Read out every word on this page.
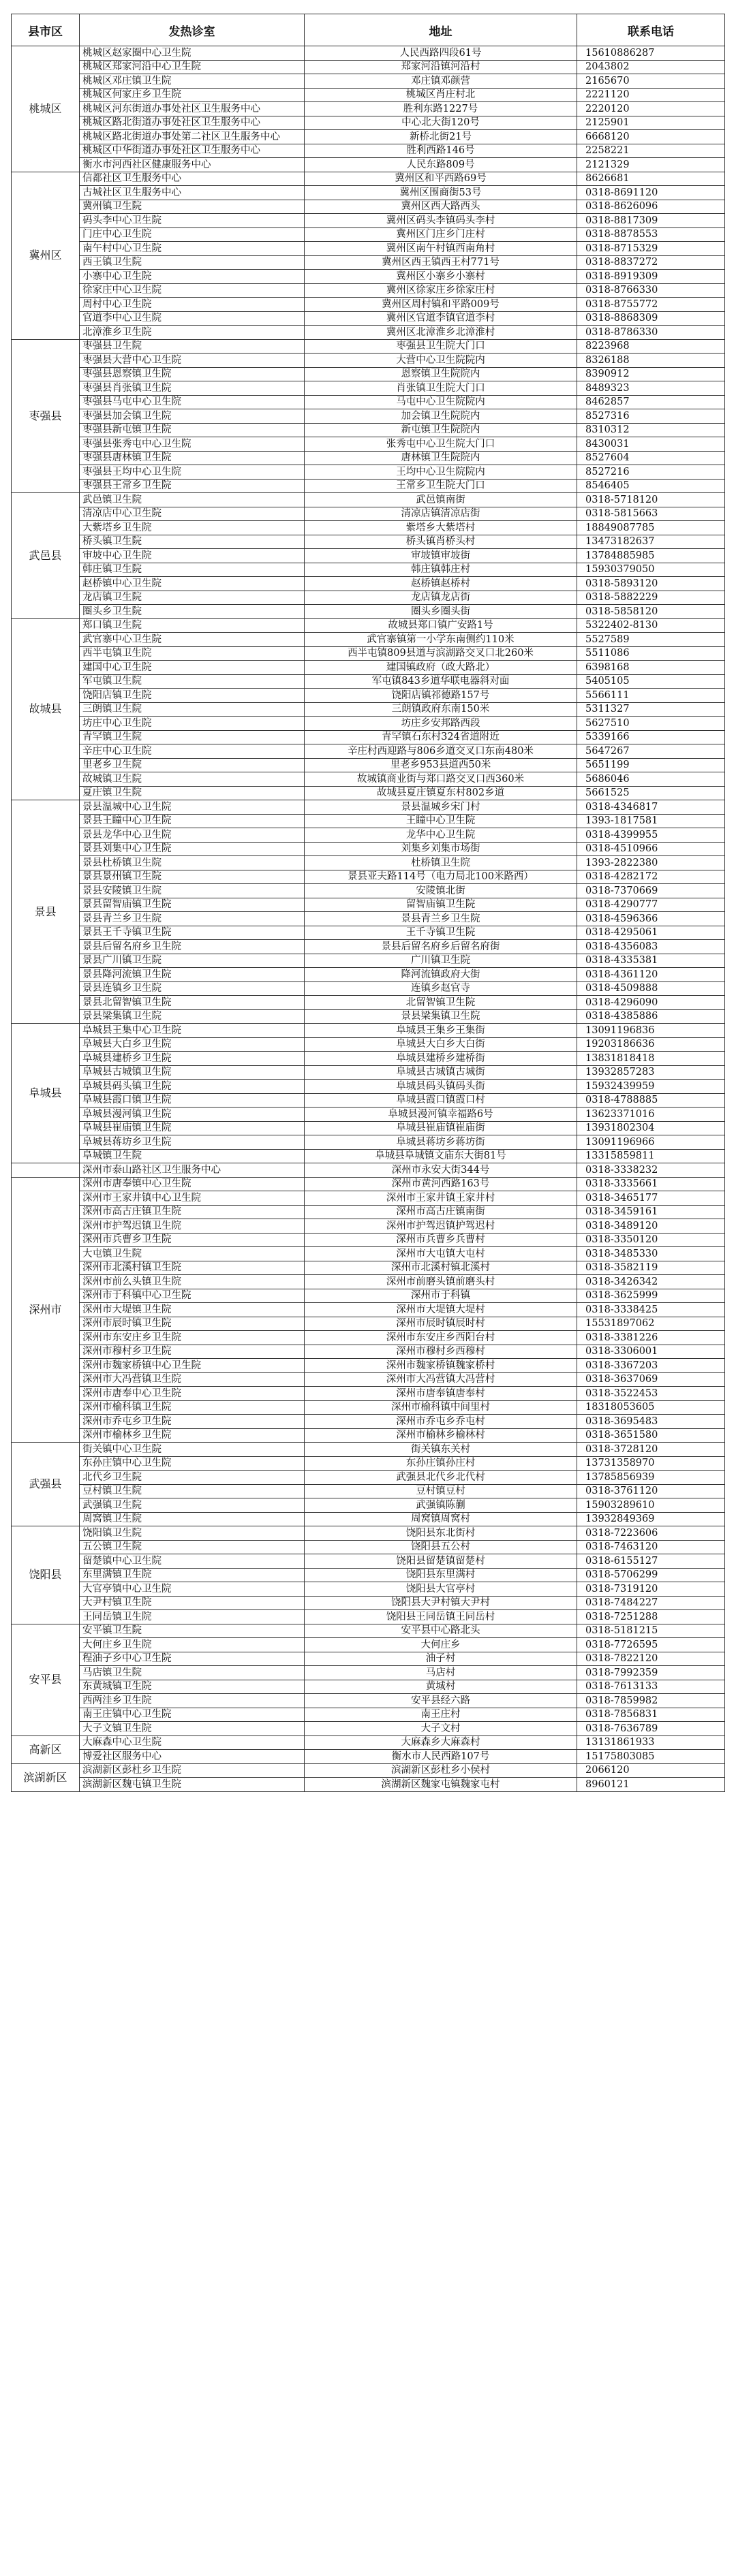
县市区	发热诊室	地址	联系电话
桃城区	桃城区赵家圈中心卫生院	人民西路四段61号	15610886287
	桃城区郑家河沿中心卫生院	郑家河沿镇河沿村	2043802
	桃城区邓庄镇卫生院	邓庄镇邓颜营	2165670
	桃城区何家庄乡卫生院	桃城区肖庄村北	2221120
	桃城区河东街道办事处社区卫生服务中心	胜利东路1227号	2220120
	桃城区路北街道办事处社区卫生服务中心	中心北大街120号	2125901
	桃城区路北街道办事处第二社区卫生服务中心	新桥北街21号	6668120
	桃城区中华街道办事处社区卫生服务中心	胜利西路146号	2258221
	衡水市河西社区健康服务中心	人民东路809号	2121329
冀州区	信都社区卫生服务中心	冀州区和平西路69号	8626681
	古城社区卫生服务中心	冀州区围商街53号	0318-8691120
	冀州镇卫生院	冀州区西大路西头	0318-8626096
	码头李中心卫生院	冀州区码头李镇码头李村	0318-8817309
	门庄中心卫生院	冀州区门庄乡门庄村	0318-8878553
	南午村中心卫生院	冀州区南午村镇西南角村	0318-8715329
	西王镇卫生院	冀州区西王镇西王村771号	0318-8837272
	小寨中心卫生院	冀州区小寨乡小寨村	0318-8919309
	徐家庄中心卫生院	冀州区徐家庄乡徐家庄村	0318-8766330
	周村中心卫生院	冀州区周村镇和平路009号	0318-8755772
	官道李中心卫生院	冀州区官道李镇官道李村	0318-8868309
	北漳淮乡卫生院	冀州区北漳淮乡北漳淮村	0318-8786330
枣强县	枣强县卫生院	枣强县卫生院大门口	8223968
	枣强县大营中心卫生院	大营中心卫生院院内	8326188
	枣强县恩察镇卫生院	恩察镇卫生院院内	8390912
	枣强县肖张镇卫生院	肖张镇卫生院大门口	8489323
	枣强县马屯中心卫生院	马屯中心卫生院院内	8462857
	枣强县加会镇卫生院	加会镇卫生院院内	8527316
	枣强县新屯镇卫生院	新屯镇卫生院院内	8310312
	枣强县张秀屯中心卫生院	张秀屯中心卫生院大门口	8430031
	枣强县唐林镇卫生院	唐林镇卫生院院内	8527604
	枣强县王均中心卫生院	王均中心卫生院院内	8527216
	枣强县王常乡卫生院	王常乡卫生院大门口	8546405
武邑县	武邑镇卫生院	武邑镇南街	0318-5718120
	清凉店中心卫生院	清凉店镇清凉店街	0318-5815663
	大紫塔乡卫生院	紫塔乡大紫塔村	18849087785
	桥头镇卫生院	桥头镇肖桥头村	13473182637
	审坡中心卫生院	审坡镇审坡街	13784885985
	韩庄镇卫生院	韩庄镇韩庄村	15930379050
	赵桥镇中心卫生院	赵桥镇赵桥村	0318-5893120
	龙店镇卫生院	龙店镇龙店街	0318-5882229
	圈头乡卫生院	圈头乡圈头街	0318-5858120
故城县	郑口镇卫生院	故城县郑口镇广安路1号	5322402-8130
	武官寨中心卫生院	武官寨镇第一小学东南侧约110米	5527589
	西半屯镇卫生院	西半屯镇809县道与滨湖路交叉口北260米	5511086
	建国中心卫生院	建国镇政府（政大路北）	6398168
	军屯镇卫生院	军屯镇843乡道华联电器斜对面	5405105
	饶阳店镇卫生院	饶阳店镇祁德路157号	5566111
	三朗镇卫生院	三朗镇政府东南150米	5311327
	坊庄中心卫生院	坊庄乡安邦路西段	5627510
	青罕镇卫生院	青罕镇石东村324省道附近	5339166
	辛庄中心卫生院	辛庄村西迎路与806乡道交叉口东南480米	5647267
	里老乡卫生院	里老乡953县道西50米	5651199
	故城镇卫生院	故城镇商业街与郑口路交叉口西360米	5686046
	夏庄镇卫生院	故城县夏庄镇夏东村802乡道	5661525
景县	景县温城中心卫生院	景县温城乡宋门村	0318-4346817
	景县王瞳中心卫生院	王瞳中心卫生院	1393-1817581
	景县龙华中心卫生院	龙华中心卫生院	0318-4399955
	景县刘集中心卫生院	刘集乡刘集市场街	0318-4510966
	景县杜桥镇卫生院	杜桥镇卫生院	1393-2822380
	景县景州镇卫生院	景县亚夫路114号（电力局北100米路西）	0318-4282172
	景县安陵镇卫生院	安陵镇北街	0318-7370669
	景县留智庙镇卫生院	留智庙镇卫生院	0318-4290777
	景县青兰乡卫生院	景县青兰乡卫生院	0318-4596366
	景县王千寺镇卫生院	王千寺镇卫生院	0318-4295061
	景县后留名府乡卫生院	景县后留名府乡后留名府街	0318-4356083
	景县广川镇卫生院	广川镇卫生院	0318-4335381
	景县降河流镇卫生院	降河流镇政府大街	0318-4361120
	景县连镇乡卫生院	连镇乡赵官寺	0318-4509888
	景县北留智镇卫生院	北留智镇卫生院	0318-4296090
	景县梁集镇卫生院	景县梁集镇卫生院	0318-4385886
阜城县	阜城县王集中心卫生院	阜城县王集乡王集街	13091196836
	阜城县大白乡卫生院	阜城县大白乡大白街	19203186636
	阜城县建桥乡卫生院	阜城县建桥乡建桥街	13831818418
	阜城县古城镇卫生院	阜城县古城镇古城街	13932857283
	阜城县码头镇卫生院	阜城县码头镇码头街	15932439959
	阜城县霞口镇卫生院	阜城县霞口镇霞口村	0318-4788885
	阜城县漫河镇卫生院	阜城县漫河镇幸福路6号	13623371016
	阜城县崔庙镇卫生院	阜城县崔庙镇崔庙街	13931802304
	阜城县蒋坊乡卫生院	阜城县蒋坊乡蒋坊街	13091196966
	阜城镇卫生院	阜城县阜城镇文庙东大街81号	13315859811
	深州市泰山路社区卫生服务中心	深州市永安大街344号	0318-3338232
深州市	深州市唐奉镇中心卫生院	深州市黄河西路163号	0318-3335661
	深州市王家井镇中心卫生院	深州市王家井镇王家井村	0318-3465177
	深州市高古庄镇卫生院	深州市高古庄镇南街	0318-3459161
	深州市护驾迟镇卫生院	深州市护驾迟镇护驾迟村	0318-3489120
	深州市兵曹乡卫生院	深州市兵曹乡兵曹村	0318-3350120
	大屯镇卫生院	深州市大屯镇大屯村	0318-3485330
	深州市北溪村镇卫生院	深州市北溪村镇北溪村	0318-3582119
	深州市前么头镇卫生院	深州市前磨头镇前磨头村	0318-3426342
	深州市于科镇中心卫生院	深州市于科镇	0318-3625999
	深州市大堤镇卫生院	深州市大堤镇大堤村	0318-3338425
	深州市辰时镇卫生院	深州市辰时镇辰时村	15531897062
	深州市东安庄乡卫生院	深州市东安庄乡西阳台村	0318-3381226
	深州市穆村乡卫生院	深州市穆村乡西穆村	0318-3306001
	深州市魏家桥镇中心卫生院	深州市魏家桥镇魏家桥村	0318-3367203
	深州市大冯营镇卫生院	深州市大冯营镇大冯营村	0318-3637069
	深州市唐奉中心卫生院	深州市唐奉镇唐奉村	0318-3522453
	深州市榆科镇卫生院	深州市榆科镇中间里村	18318053605
	深州市乔屯乡卫生院	深州市乔屯乡乔屯村	0318-3695483
	深州市榆林乡卫生院	深州市榆林乡榆林村	0318-3651580
武强县	街关镇中心卫生院	街关镇东关村	0318-3728120
	东孙庄镇中心卫生院	东孙庄镇孙庄村	13731358970
	北代乡卫生院	武强县北代乡北代村	13785856939
	豆村镇卫生院	豆村镇豆村	0318-3761120
	武强镇卫生院	武强镇陈蒯	15903289610
	周窝镇卫生院	周窝镇周窝村	13932849369
饶阳县	饶阳镇卫生院	饶阳县东北街村	0318-7223606
	五公镇卫生院	饶阳县五公村	0318-7463120
	留楚镇中心卫生院	饶阳县留楚镇留楚村	0318-6155127
	东里满镇卫生院	饶阳县东里满村	0318-5706299
	大官亭镇中心卫生院	饶阳县大官亭村	0318-7319120
	大尹村镇卫生院	饶阳县大尹村镇大尹村	0318-7484227
	王同岳镇卫生院	饶阳县王同岳镇王同岳村	0318-7251288
安平县	安平镇卫生院	安平县中心路北头	0318-5181215
	大何庄乡卫生院	大何庄乡	0318-7726595
	程油子乡中心卫生院	油子村	0318-7822120
	马店镇卫生院	马店村	0318-7992359
	东黄城镇卫生院	黄城村	0318-7613133
	西两洼乡卫生院	安平县经六路	0318-7859982
	南王庄镇中心卫生院	南王庄村	0318-7856831
	大子文镇卫生院	大子文村	0318-7636789
高新区	大麻森中心卫生院	大麻森乡大麻森村	13131861933
	博爱社区服务中心	衡水市人民西路107号	15175803085
滨湖新区	滨湖新区彭杜乡卫生院	滨湖新区彭杜乡小侯村	2066120
	滨湖新区魏屯镇卫生院	滨湖新区魏家屯镇魏家屯村	8960121
